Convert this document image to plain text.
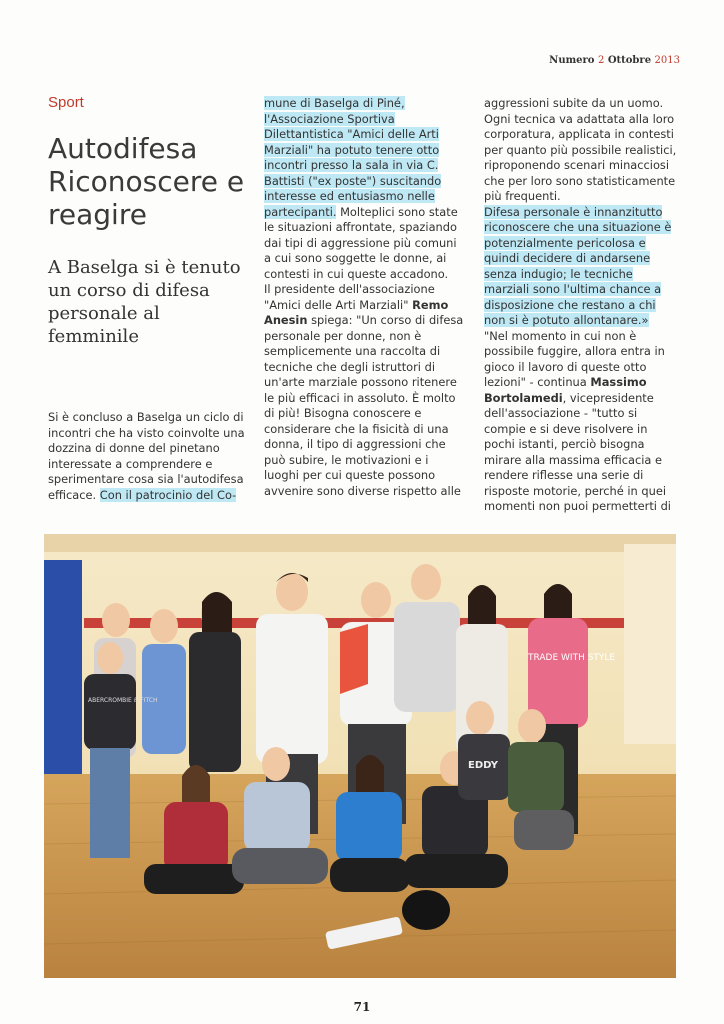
Numero 2 Ottobre 2013
Sport
Autodifesa Riconoscere e reagire
A Baselga si è tenuto un corso di difesa personale al femminile

Si è concluso a Baselga un ciclo di incontri che ha visto coinvolte una dozzina di donne del pinetano interessate a comprendere e sperimentare cosa sia l'autodifesa efficace. Con il patrocinio del Co-

mune di Baselga di Piné, l'Associazione Sportiva Dilettantistica "Amici delle Arti Marziali" ha potuto tenere otto incontri presso la sala in via C. Battisti ("ex poste") suscitando interesse ed entusiasmo nelle partecipanti. Molteplici sono state le situazioni affrontate, spaziando dai tipi di aggressione più comuni a cui sono soggette le donne, ai contesti in cui queste accadono.

Il presidente dell'associazione "Amici delle Arti Marziali" Remo Anesin spiega: "Un corso di difesa personale per donne, non è semplicemente una raccolta di tecniche che degli istruttori di un'arte marziale possono ritenere le più efficaci in assoluto. È molto di più! Bisogna conoscere e considerare che la fisicità di una donna, il tipo di aggressioni che può subire, le motivazioni e i luoghi per cui queste possono avvenire sono diverse rispetto alle

aggressioni subite da un uomo. Ogni tecnica va adattata alla loro corporatura, applicata in contesti per quanto più possibile realistici, riproponendo scenari minacciosi che per loro sono statisticamente più frequenti.

Difesa personale è innanzitutto riconoscere che una situazione è potenzialmente pericolosa e quindi decidere di andarsene senza indugio; le tecniche marziali sono l'ultima chance a disposizione che restano a chi non si è potuto allontanare.»

"Nel momento in cui non è possibile fuggire, allora entra in gioco il lavoro di queste otto lezioni" - continua Massimo Bortolamedi, vicepresidente dell'associazione - "tutto si compie e si deve risolvere in pochi istanti, perciò bisogna mirare alla massima efficacia e rendere riflesse una serie di risposte motorie, perché in quei momenti non puoi permetterti di

TRADE WITH STYLE
ABERCROMBIE & FITCH
EDDY
71
